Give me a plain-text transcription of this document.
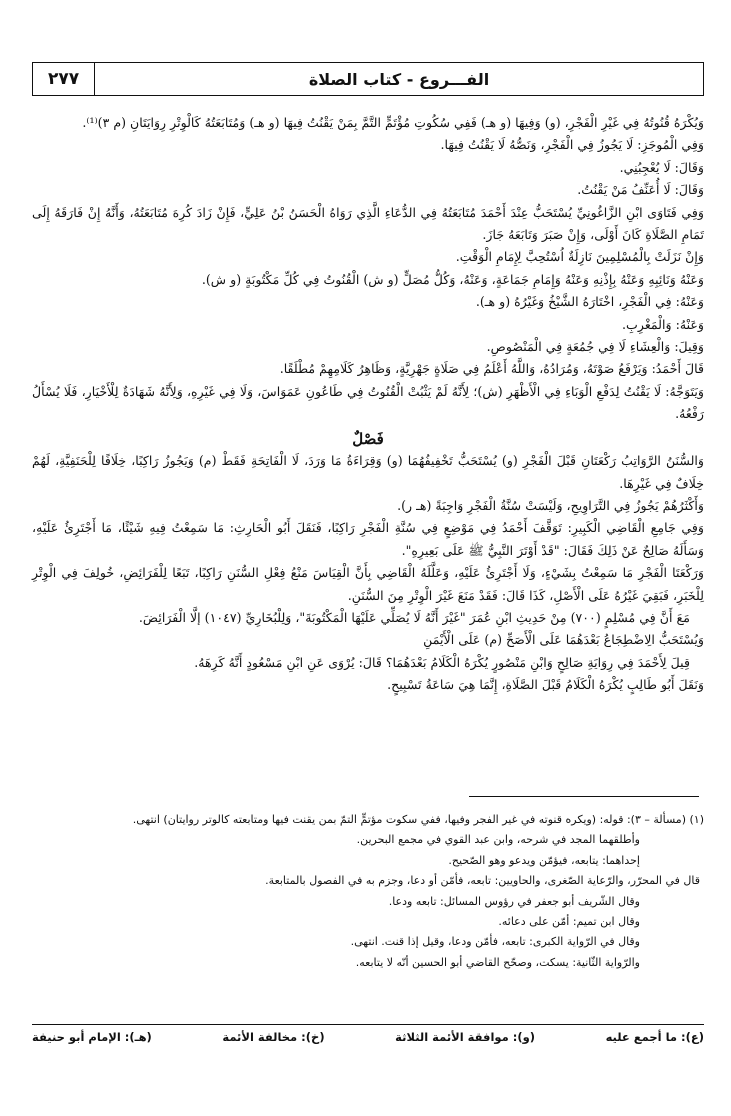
الفـــروع - كتاب الصلاة
٢٧٧

وَيُكْرَهُ قُنُوتُهُ فِي غَيْرِ الْفَجْرِ، (و) وَفِيهَا (و هـ) فَفِي سُكُوتِ مُؤْتَمٍّ التَّمَّ بِمَنْ يَقْنُتُ فِيهَا (و هـ) وَمُتَابَعَتُهُ كَالْوِتْرِ رِوَايَتَانِ (م ٣)⁽¹⁾.

وَفِي الْمُوجَزِ: لَا يَجُوزُ فِي الْفَجْرِ، وَنَصُّهُ لَا يَقْنُتُ فِيهَا.

وَقَالَ: لَا يُعْجِبُنِي.

وَقَالَ: لَا أُعَنِّفُ مَنْ يَقْنُتُ.

وَفِي فَتَاوَى ابْنِ الزَّاغُونِيِّ يُسْتَحَبُّ عِنْدَ أَحْمَدَ مُتَابَعَتُهُ فِي الدُّعَاءِ الَّذِي رَوَاهُ الْحَسَنُ بْنُ عَلِيٍّ، فَإِنْ زَادَ كُرِهَ مُتَابَعَتُهُ، وَأَنَّهُ إِنْ فَارَقَهُ إِلَى تَمَامِ الصَّلَاةِ كَانَ أَوْلَى، وَإِنْ صَبَرَ وَتَابَعَهُ جَازَ.

وَإِنْ نَزَلَتْ بِالْمُسْلِمِينَ نَازِلَةٌ اُسْتُحِبَّ لِإِمَامِ الْوَقْتِ.

وَعَنْهُ وَنَائِبِهِ وَعَنْهُ بِإِذْنِهِ وَعَنْهُ وَإِمَامِ جَمَاعَةٍ، وَعَنْهُ، وَكُلُّ مُصَلٍّ (و ش) الْقُنُوتُ فِي كُلِّ مَكْتُوبَةٍ (و ش).

وَعَنْهُ: فِي الْفَجْرِ، اخْتَارَهُ الشَّيْخُ وَغَيْرُهُ (و هـ).

وَعَنْهُ: وَالْمَغْرِبِ.

وَقِيلَ: وَالْعِشَاءِ لَا فِي جُمُعَةٍ فِي الْمَنْصُوصِ.

قَالَ أَحْمَدُ: وَيَرْفَعُ صَوْتَهُ، وَمُرَادُهُ، وَاللَّهُ أَعْلَمُ فِي صَلَاةٍ جَهْرِيَّةٍ، وَظَاهِرُ كَلَامِهِمْ مُطْلَقًا.

وَيَتَوَجَّهُ: لَا يَقْنُتُ لِدَفْعِ الْوَبَاءِ فِي الْأَظْهَرِ (ش)؛ لِأَنَّهُ لَمْ يَثْبُتْ الْقُنُوتُ فِي طَاعُونِ عَمَوَاسَ، وَلَا فِي غَيْرِهِ، وَلِأَنَّهُ شَهَادَةٌ لِلْأَخْيَارِ، فَلَا يُسْأَلُ رَفْعُهُ.

فَصْلٌ

وَالسُّنَنُ الرَّوَاتِبُ رَكْعَتَانِ قَبْلَ الْفَجْرِ (و) يُسْتَحَبُّ تَخْفِيفُهُمَا (و) وَقِرَاءَةُ مَا وَرَدَ، لَا الْفَاتِحَةِ فَقَطْ (م) وَيَجُوزُ رَاكِبًا، خِلَافًا لِلْحَنَفِيَّةِ، لَهُمْ خِلَافٌ فِي غَيْرِهَا.

وَأَكْثَرُهُمْ يَجُوزُ فِي التَّرَاوِيحِ، وَلَيْسَتْ سُنَّةُ الْفَجْرِ وَاجِبَةً (هـ ر).

وَفِي جَامِعِ الْقَاضِي الْكَبِيرِ: تَوَقَّفَ أَحْمَدُ فِي مَوْضِعٍ فِي سُنَّةِ الْفَجْرِ رَاكِبًا، فَنَقَلَ أَبُو الْحَارِثِ: مَا سَمِعْتُ فِيهِ شَيْئًا، مَا أَجْتَرِئُ عَلَيْهِ، وَسَأَلَهُ صَالِحٌ عَنْ ذَلِكَ فَقَالَ: "قَدْ أَوْتَرَ النَّبِيُّ ﷺ عَلَى بَعِيرِهِ".

وَرَكْعَتَا الْفَجْرِ مَا سَمِعْتُ بِشَيْءٍ، وَلَا أَجْتَرِئُ عَلَيْهِ، وَعَلَّلَهُ الْقَاضِي بِأَنَّ الْقِيَاسَ مَنْعُ فِعْلِ السُّنَنِ رَاكِبًا، تَبَعًا لِلْفَرَائِضِ، خُولِفَ فِي الْوِتْرِ لِلْخَبَرِ، فَبَقِيَ غَيْرُهُ عَلَى الْأَصْلِ، كَذَا قَالَ: فَقَدْ مَنَعَ غَيْرَ الْوِتْرِ مِنَ السُّنَنِ.

مَعَ أَنَّ فِي مُسْلِمٍ (٧٠٠) مِنْ حَدِيثِ ابْنِ عُمَرَ "غَيْرَ أَنَّهُ لَا يُصَلِّي عَلَيْهَا الْمَكْتُوبَةَ"، وَلِلْبُخَارِيِّ (١٠٤٧) إلَّا الْفَرَائِضَ.

وَيُسْتَحَبُّ الِاضْطِجَاعُ بَعْدَهُمَا عَلَى الْأَصَحِّ (م) عَلَى الْأَيْمَنِ

قِيلَ لِأَحْمَدَ فِي رِوَايَةِ صَالِحٍ وَابْنِ مَنْصُورٍ يُكْرَهُ الْكَلَامُ بَعْدَهُمَا؟ قَالَ: يُرْوَى عَنِ ابْنِ مَسْعُودٍ أَنَّهُ كَرِهَهُ.

وَنَقَلَ أَبُو طَالِبٍ يُكْرَهُ الْكَلَامُ قَبْلَ الصَّلَاةِ، إِنَّمَا هِيَ سَاعَةُ تَسْبِيحٍ.

(١) (مسألة – ٣): قوله: (ويكره قنوته في غير الفجر وفيها، ففي سكوت مؤتمٍّ التمّ بمن يقنت فيها ومتابعته كالوتر روايتان) انتهى.

وأطلقهما المجد في شرحه، وابن عبد القوي في مجمع البحرين.

إحداهما: يتابعه، فيؤمّن ويدعو وهو الصّحيح.

قال في المحرّر، والرّعاية الصّغرى، والحاويين: تابعه، فأمّن أو دعا، وجزم به في الفصول بالمتابعة.

وقال الشّريف أبو جعفر في رؤوس المسائل: تابعه ودعا.

وقال ابن تميم: أمّن على دعائه.

وقال في الرّواية الكبرى: تابعه، فأمّن ودعا، وقيل إذا قنت. انتهى.

والرّواية الثّانية: يسكت، وصحّح القاضي أبو الحسين أنّه لا يتابعه.

(ع): ما أجمع عليه
(و): موافقة الأئمة الثلاثة
(خ): مخالفة الأئمة
(هـ): الإمام أبو حنيفة
